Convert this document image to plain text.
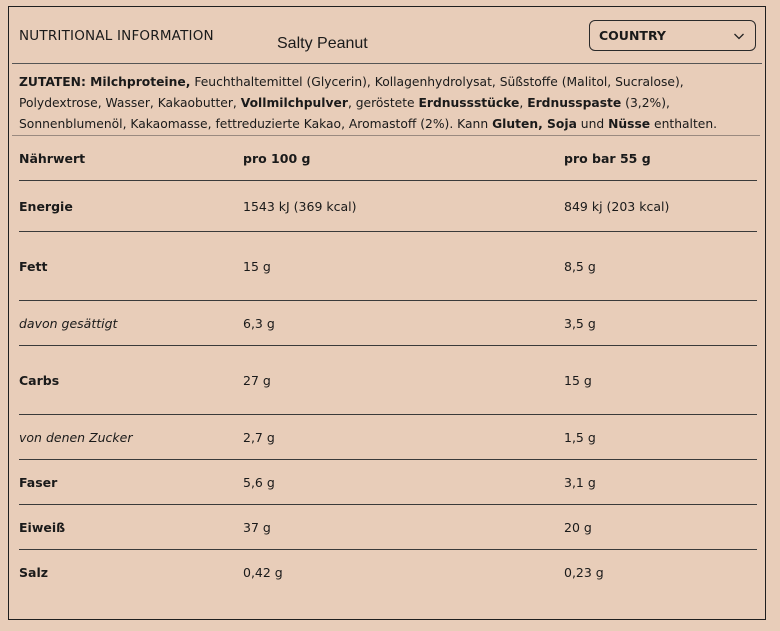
NUTRITIONAL INFORMATION	Salty Peanut	COUNTRY
ZUTATEN: Milchproteine, Feuchthaltemittel (Glycerin), Kollagenhydrolysat, Süßstoffe (Malitol, Sucralose), Polydextrose, Wasser, Kakaobutter, Vollmilchpulver, geröstete Erdnussstücke, Erdnusspaste (3,2%), Sonnenblumenöl, Kakaomasse, fettreduzierte Kakao, Aromastoff (2%). Kann Gluten, Soja und Nüsse enthalten.
Nährwert	pro 100 g	pro bar 55 g
Energie	1543 kJ (369 kcal)	849 kj (203 kcal)
Fett	15 g	8,5 g
davon gesättigt	6,3 g	3,5 g
Carbs	27 g	15 g
von denen Zucker	2,7 g	1,5 g
Faser	5,6 g	3,1 g
Eiweiß	37 g	20 g
Salz	0,42 g	0,23 g
